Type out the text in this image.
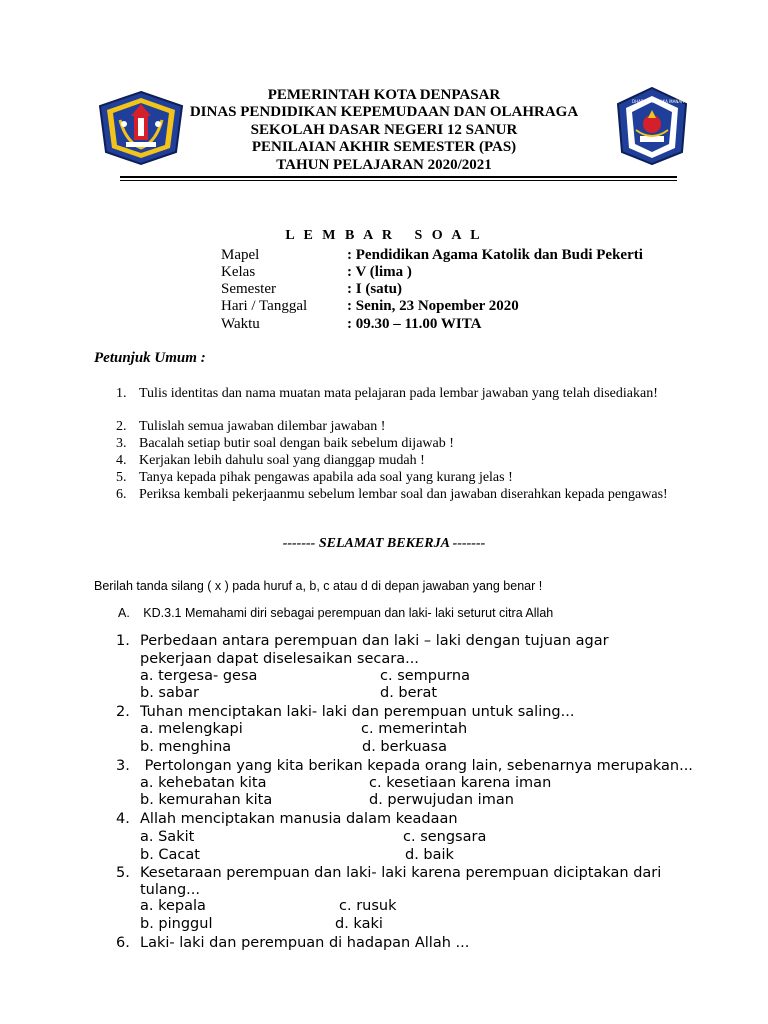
DHARMA WIMUKA MANAH
PEMERINTAH KOTA DENPASAR
DINAS PENDIDIKAN KEPEMUDAAN DAN OLAHRAGA
SEKOLAH DASAR NEGERI 12 SANUR
PENILAIAN AKHIR SEMESTER (PAS)
TAHUN PELAJARAN 2020/2021
L E M B A R   S O A L
Mapel	: Pendidikan Agama Katolik dan Budi Pekerti
Kelas	: V (lima )
Semester	: I (satu)
Hari / Tanggal	: Senin, 23 Nopember 2020
Waktu	: 09.30 – 11.00 WITA
Petunjuk Umum :
1. Tulis identitas dan nama muatan mata pelajaran pada lembar jawaban yang telah disediakan!
2. Tulislah semua jawaban dilembar jawaban !
3. Bacalah setiap butir soal dengan baik sebelum dijawab !
4. Kerjakan lebih dahulu soal yang dianggap mudah !
5. Tanya kepada pihak pengawas apabila ada soal yang kurang jelas !
6. Periksa kembali pekerjaanmu sebelum lembar soal dan jawaban diserahkan kepada pengawas!
------- SELAMAT BEKERJA -------
Berilah tanda silang ( x ) pada huruf a, b, c atau d di depan jawaban yang benar !
A. KD.3.1 Memahami diri sebagai perempuan dan laki- laki seturut citra Allah
1. Perbedaan antara perempuan dan laki – laki dengan tujuan agar
pekerjaan dapat diselesaikan secara...
a. tergesa- gesa	c. sempurna
b. sabar	d. berat
2. Tuhan menciptakan laki- laki dan perempuan untuk saling...
a. melengkapi	c. memerintah
b. menghina	d. berkuasa
3. Pertolongan yang kita berikan kepada orang lain, sebenarnya merupakan...
a. kehebatan kita	c. kesetiaan karena iman
b. kemurahan kita	d. perwujudan iman
4. Allah menciptakan manusia dalam keadaan
a. Sakit	c. sengsara
b. Cacat	d. baik
5. Kesetaraan perempuan dan laki- laki karena perempuan diciptakan dari
tulang...
a. kepala	c. rusuk
b. pinggul	d. kaki
6. Laki- laki dan perempuan di hadapan Allah ...
